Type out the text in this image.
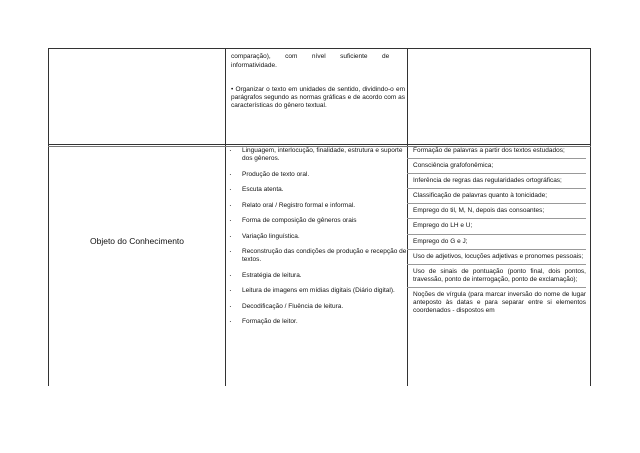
comparação),        com        nível        suficiente        de
informatividade.
• Organizar o texto em unidades de sentido, dividindo-o em parágrafos segundo as normas gráficas e de acordo com as características do gênero textual.
Objeto do Conhecimento
· Linguagem, interlocução, finalidade, estrutura e suporte dos gêneros.
· Produção de texto oral.
· Escuta atenta.
· Relato oral / Registro formal e informal.
· Forma de composição de gêneros orais
· Variação linguística.
· Reconstrução das condições de produção e recepção de textos.
· Estratégia de leitura.
· Leitura de imagens em mídias digitais (Diário digital).
· Decodificação / Fluência de leitura.
· Formação de leitor.
Formação de palavras a partir dos textos estudados;
Consciência grafofonêmica;
Inferência de regras das regularidades ortográficas;
Classificação de palavras quanto à tonicidade;
Emprego do til, M, N, depois das consoantes;
Emprego do LH e U;
Emprego do G e J;
Uso de adjetivos, locuções adjetivas e pronomes pessoais;
Uso de sinais de pontuação (ponto final, dois pontos, travessão, ponto de interrogação, ponto de exclamação);
Noções de vírgula (para marcar inversão do nome de lugar anteposto às datas e para separar entre si elementos coordenados - dispostos em
